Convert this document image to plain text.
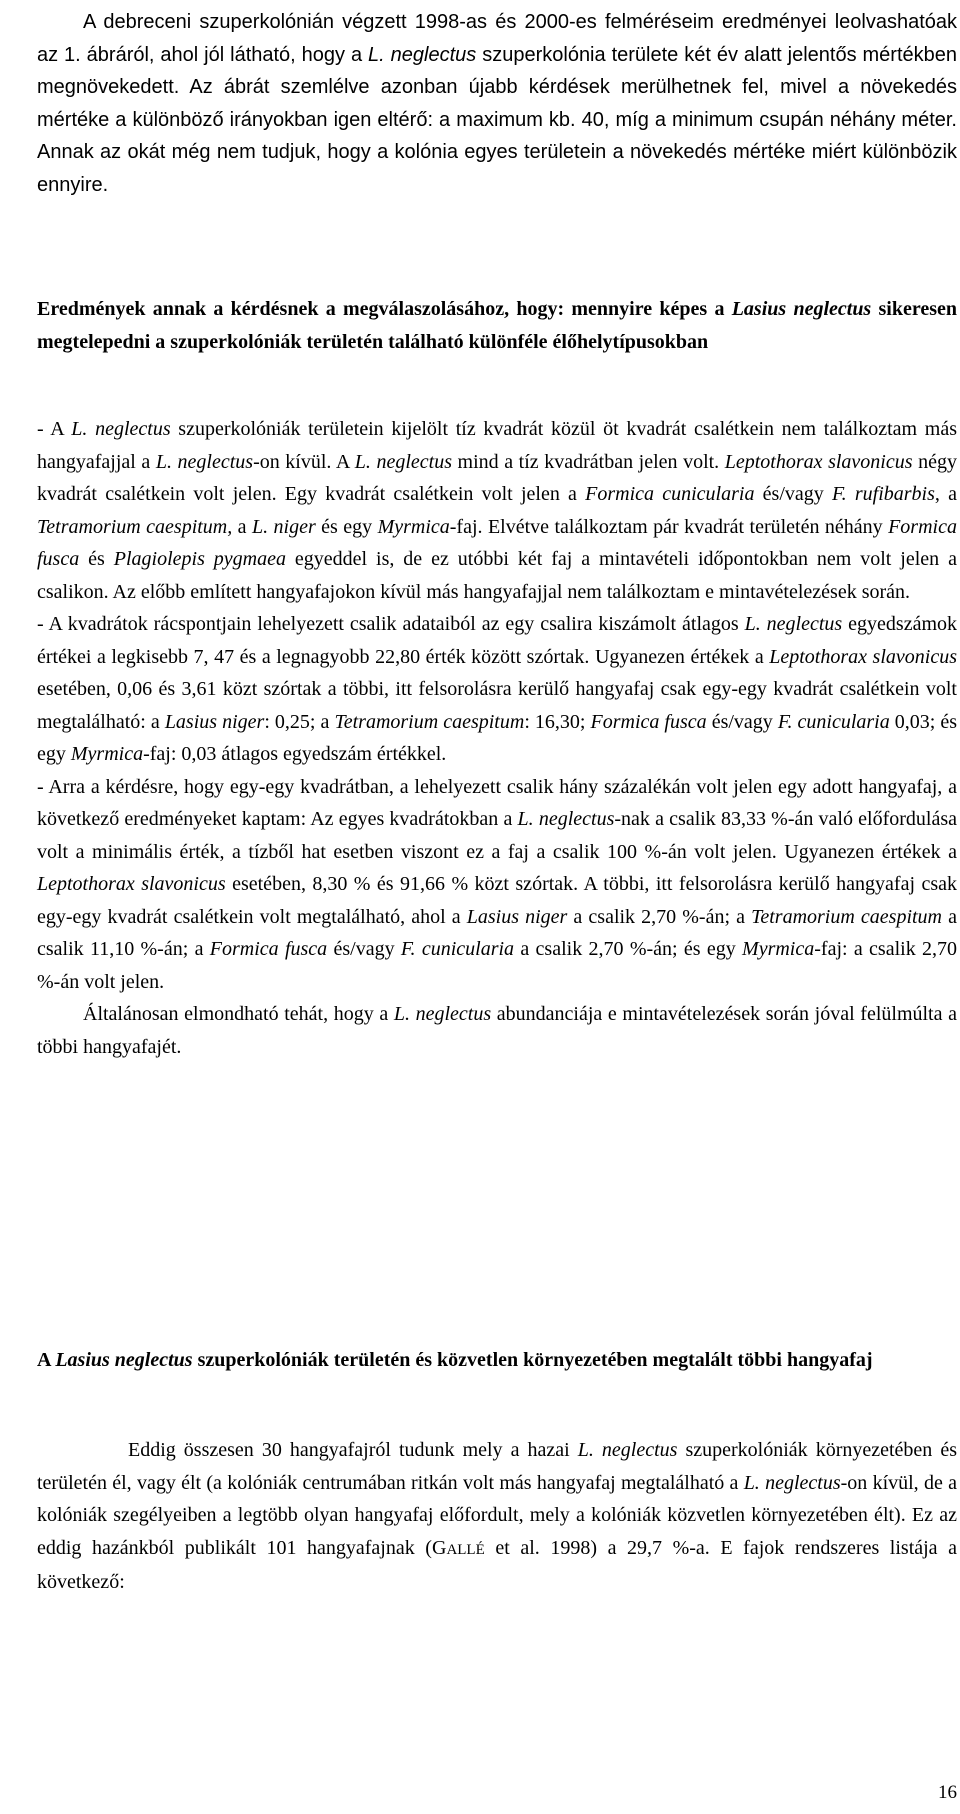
A debreceni szuperkolónián végzett 1998-as és 2000-es felméréseim eredményei leolvashatóak az 1. ábráról, ahol jól látható, hogy a L. neglectus szuperkolónia területe két év alatt jelentős mértékben megnövekedett. Az ábrát szemlélve azonban újabb kérdések merülhetnek fel, mivel a növekedés mértéke a különböző irányokban igen eltérő: a maximum kb. 40, míg a minimum csupán néhány méter. Annak az okát még nem tudjuk, hogy a kolónia egyes területein a növekedés mértéke miért különbözik ennyire.

Eredmények annak a kérdésnek a megválaszolásához, hogy: mennyire képes a Lasius neglectus sikeresen megtelepedni a szuperkolóniák területén található különféle élőhelytípusokban

- A L. neglectus szuperkolóniák területein kijelölt tíz kvadrát közül öt kvadrát csalétkein nem találkoztam más hangyafajjal a L. neglectus-on kívül. A L. neglectus mind a tíz kvadrátban jelen volt. Leptothorax slavonicus négy kvadrát csalétkein volt jelen. Egy kvadrát csalétkein volt jelen a Formica cunicularia és/vagy F. rufibarbis, a Tetramorium caespitum, a L. niger és egy Myrmica-faj. Elvétve találkoztam pár kvadrát területén néhány Formica fusca és Plagiolepis pygmaea egyeddel is, de ez utóbbi két faj a mintavételi időpontokban nem volt jelen a csalikon. Az előbb említett hangyafajokon kívül más hangyafajjal nem találkoztam e mintavételezések során.

- A kvadrátok rácspontjain lehelyezett csalik adataiból az egy csalira kiszámolt átlagos L. neglectus egyedszámok értékei a legkisebb 7, 47 és a legnagyobb 22,80 érték között szórtak. Ugyanezen értékek a Leptothorax slavonicus esetében, 0,06 és 3,61 közt szórtak a többi, itt felsorolásra kerülő hangyafaj csak egy-egy kvadrát csalétkein volt megtalálható: a Lasius niger: 0,25; a Tetramorium caespitum: 16,30; Formica fusca és/vagy F. cunicularia 0,03; és egy Myrmica-faj: 0,03 átlagos egyedszám értékkel.

- Arra a kérdésre, hogy egy-egy kvadrátban, a lehelyezett csalik hány százalékán volt jelen egy adott hangyafaj, a következő eredményeket kaptam: Az egyes kvadrátokban a L. neglectus-nak a csalik 83,33 %-án való előfordulása volt a minimális érték, a tízből hat esetben viszont ez a faj a csalik 100 %-án volt jelen. Ugyanezen értékek a Leptothorax slavonicus esetében, 8,30 % és 91,66 % közt szórtak. A többi, itt felsorolásra kerülő hangyafaj csak egy-egy kvadrát csalétkein volt megtalálható, ahol a Lasius niger a csalik 2,70 %-án; a Tetramorium caespitum a csalik 11,10 %-án; a Formica fusca és/vagy F. cunicularia a csalik 2,70 %-án; és egy Myrmica-faj: a csalik 2,70 %-án volt jelen.

Általánosan elmondható tehát, hogy a L. neglectus abundanciája e mintavételezések során jóval felülmúlta a többi hangyafajét.

A Lasius neglectus szuperkolóniák területén és közvetlen környezetében megtalált többi hangyafaj

Eddig összesen 30 hangyafajról tudunk mely a hazai L. neglectus szuperkolóniák környezetében és területén él, vagy élt (a kolóniák centrumában ritkán volt más hangyafaj megtalálható a L. neglectus-on kívül, de a kolóniák szegélyeiben a legtöbb olyan hangyafaj előfordult, mely a kolóniák közvetlen környezetében élt). Ez az eddig hazánkból publikált 101 hangyafajnak (GALLÉ et al. 1998) a 29,7 %-a. E fajok rendszeres listája a következő:

16
